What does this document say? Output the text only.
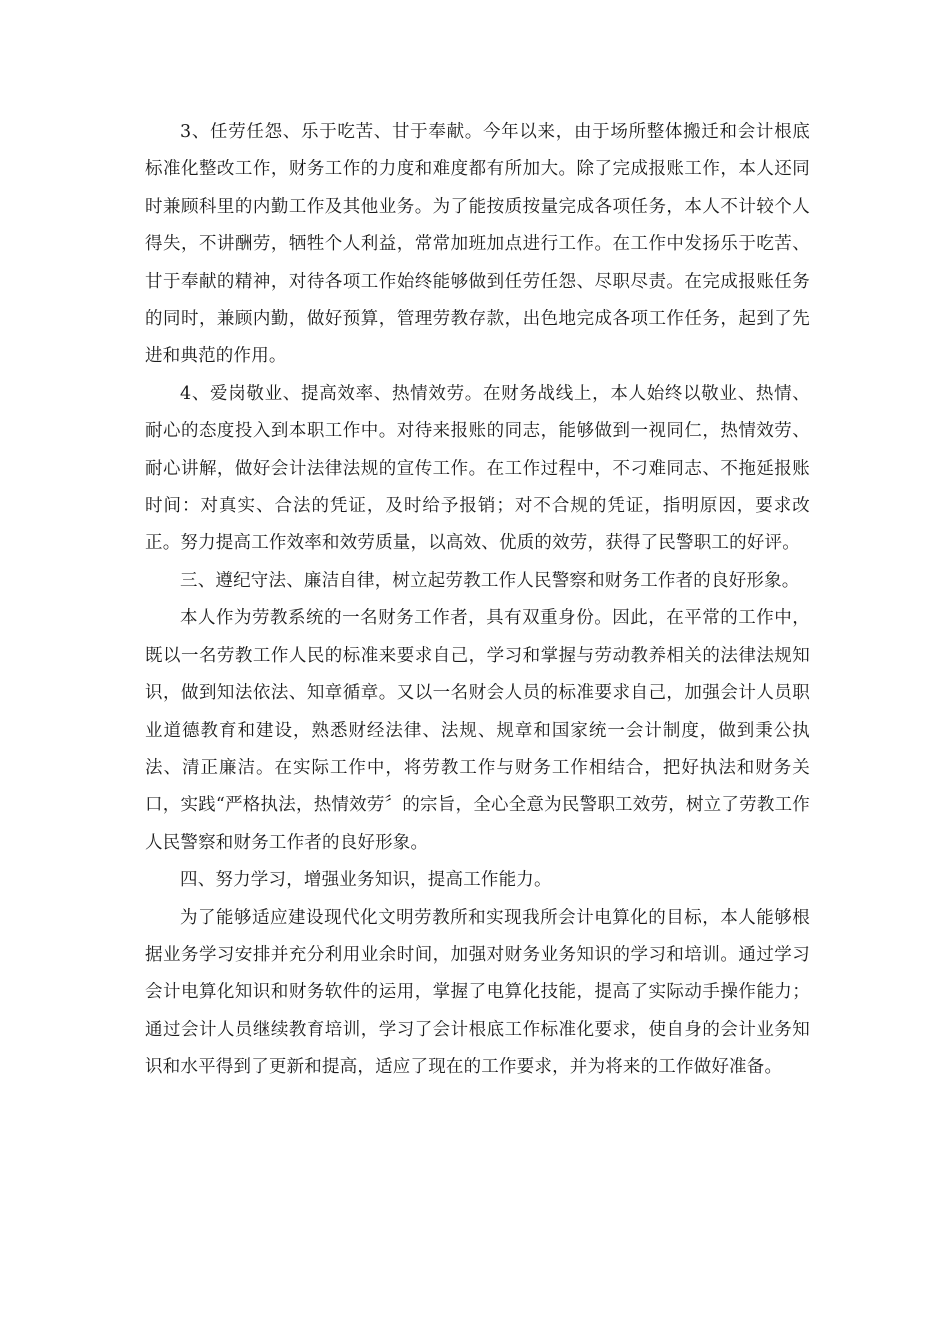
3、任劳任怨、乐于吃苦、甘于奉献。今年以来，由于场所整体搬迁和会计根底标准化整改工作，财务工作的力度和难度都有所加大。除了完成报账工作，本人还同时兼顾科里的内勤工作及其他业务。为了能按质按量完成各项任务，本人不计较个人得失，不讲酬劳，牺牲个人利益，常常加班加点进行工作。在工作中发扬乐于吃苦、甘于奉献的精神，对待各项工作始终能够做到任劳任怨、尽职尽责。在完成报账任务的同时，兼顾内勤，做好预算，管理劳教存款，出色地完成各项工作任务，起到了先进和典范的作用。

4、爱岗敬业、提高效率、热情效劳。在财务战线上，本人始终以敬业、热情、耐心的态度投入到本职工作中。对待来报账的同志，能够做到一视同仁，热情效劳、耐心讲解，做好会计法律法规的宣传工作。在工作过程中，不刁难同志、不拖延报账时间：对真实、合法的凭证，及时给予报销；对不合规的凭证，指明原因，要求改正。努力提高工作效率和效劳质量，以高效、优质的效劳，获得了民警职工的好评。

三、遵纪守法、廉洁自律，树立起劳教工作人民警察和财务工作者的良好形象。

本人作为劳教系统的一名财务工作者，具有双重身份。因此，在平常的工作中，既以一名劳教工作人民的标准来要求自己，学习和掌握与劳动教养相关的法律法规知识，做到知法依法、知章循章。又以一名财会人员的标准要求自己，加强会计人员职业道德教育和建设，熟悉财经法律、法规、规章和国家统一会计制度，做到秉公执法、清正廉洁。在实际工作中，将劳教工作与财务工作相结合，把好执法和财务关口，实践“严格执法，热情效劳〞的宗旨，全心全意为民警职工效劳，树立了劳教工作人民警察和财务工作者的良好形象。

四、努力学习，增强业务知识，提高工作能力。

为了能够适应建设现代化文明劳教所和实现我所会计电算化的目标，本人能够根据业务学习安排并充分利用业余时间，加强对财务业务知识的学习和培训。通过学习会计电算化知识和财务软件的运用，掌握了电算化技能，提高了实际动手操作能力；通过会计人员继续教育培训，学习了会计根底工作标准化要求，使自身的会计业务知识和水平得到了更新和提高，适应了现在的工作要求，并为将来的工作做好准备。
